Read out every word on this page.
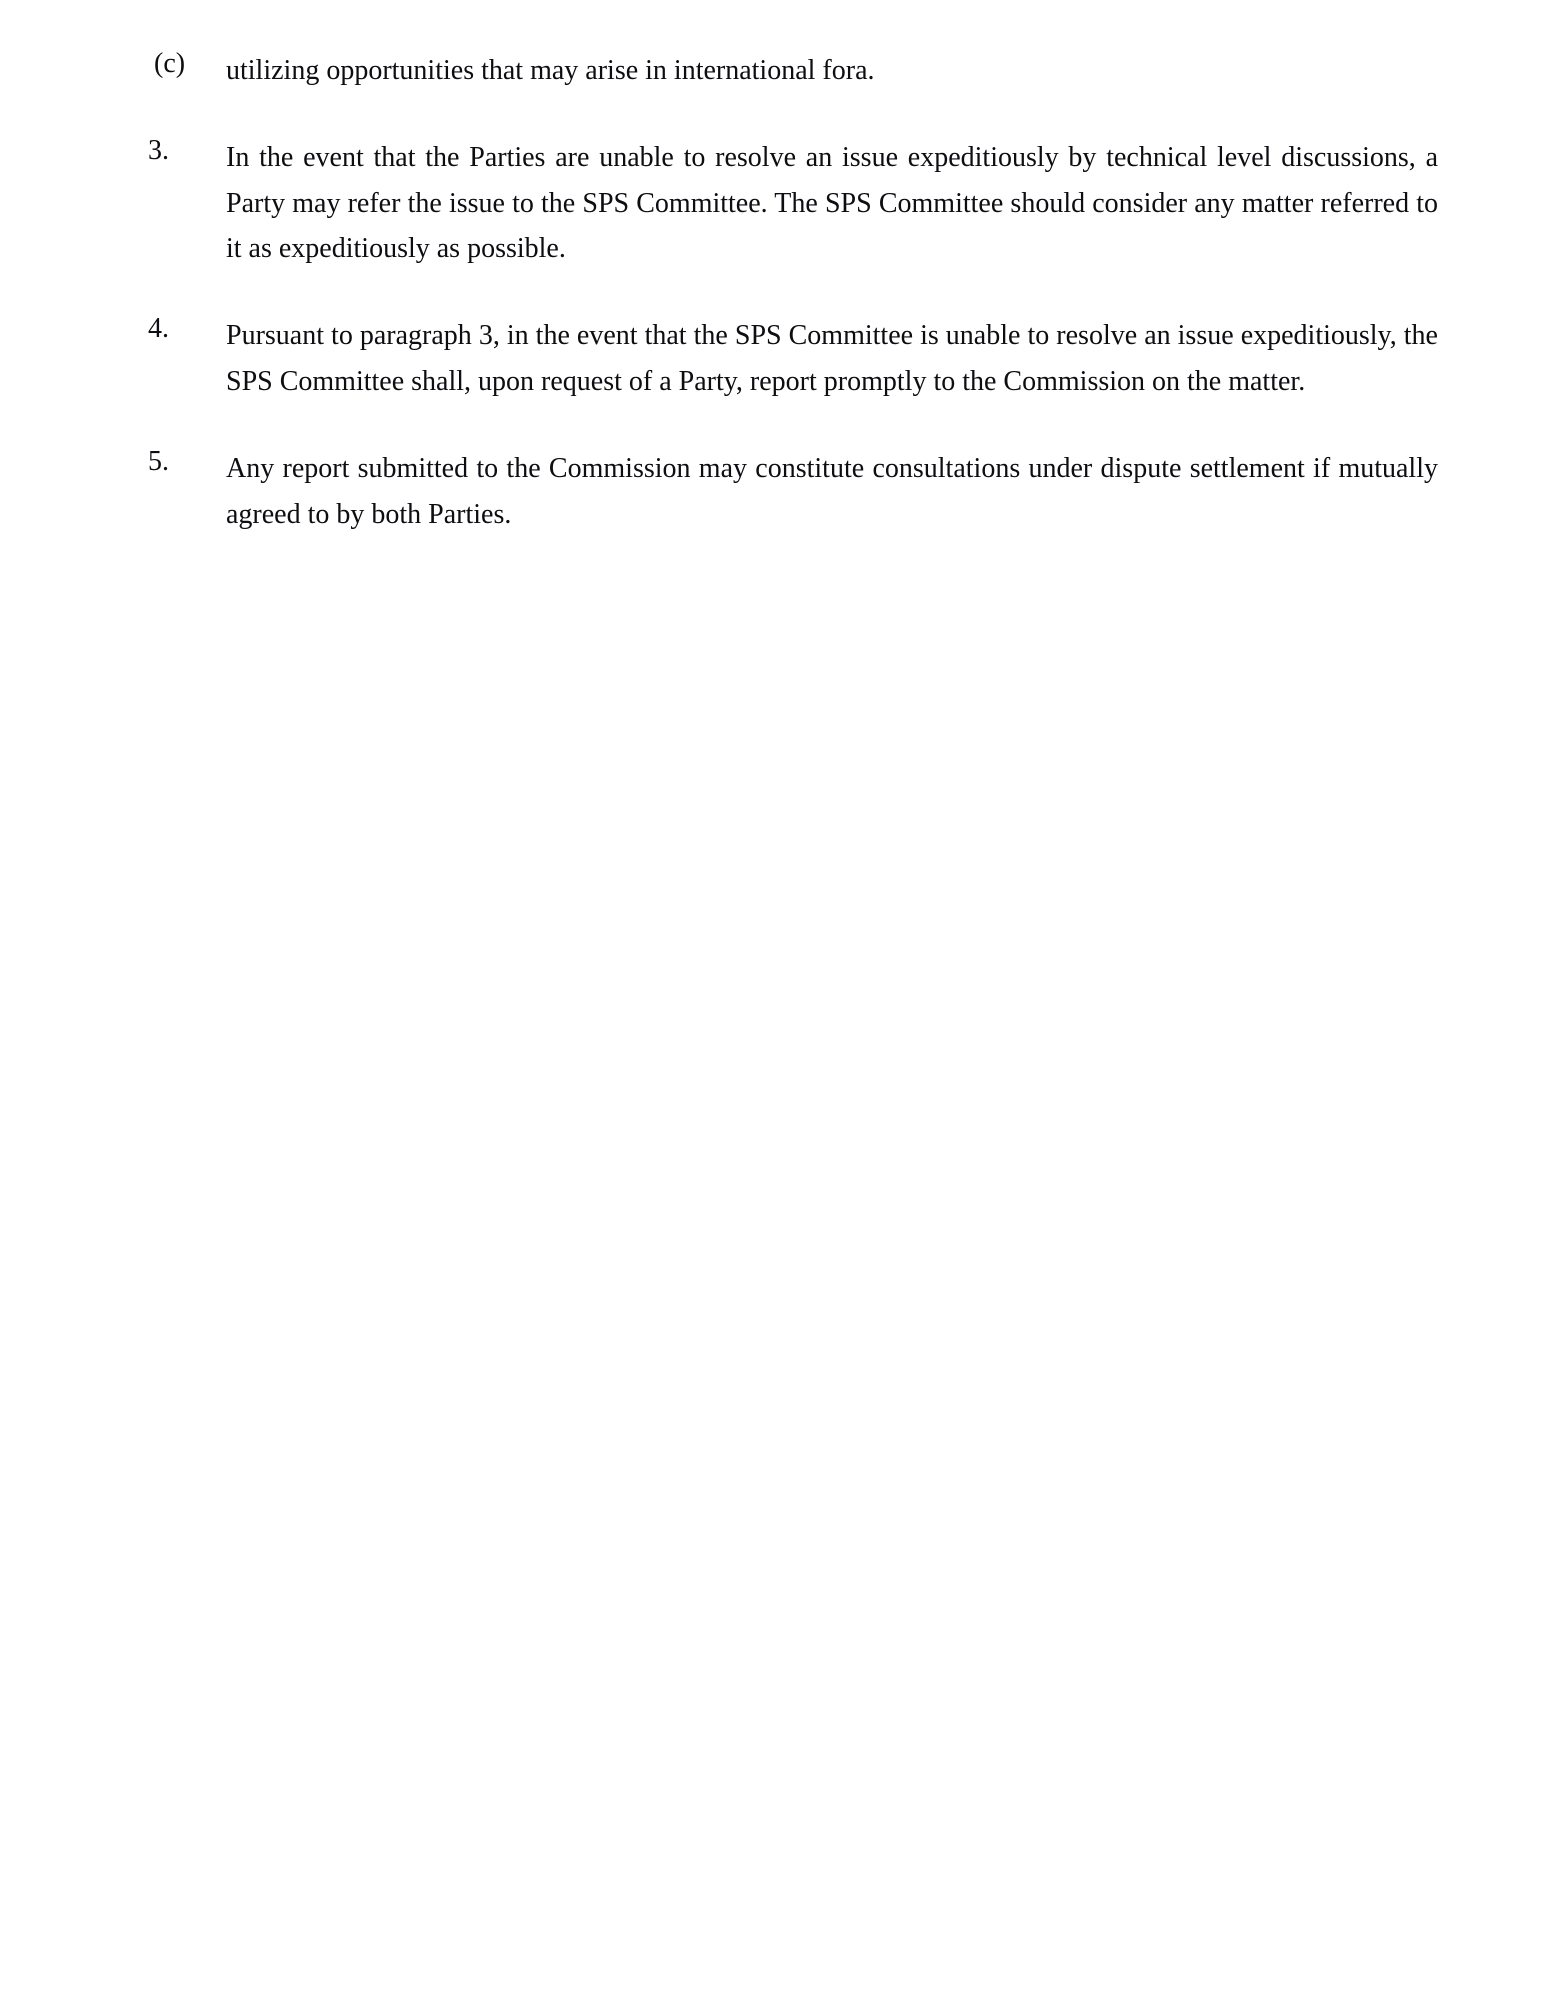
(c)	utilizing opportunities that may arise in international fora.
3.	In the event that the Parties are unable to resolve an issue expeditiously by technical level discussions, a Party may refer the issue to the SPS Committee. The SPS Committee should consider any matter referred to it as expeditiously as possible.
4.	Pursuant to paragraph 3, in the event that the SPS Committee is unable to resolve an issue expeditiously, the SPS Committee shall, upon request of a Party, report promptly to the Commission on the matter.
5.	Any report submitted to the Commission may constitute consultations under dispute settlement if mutually agreed to by both Parties.
